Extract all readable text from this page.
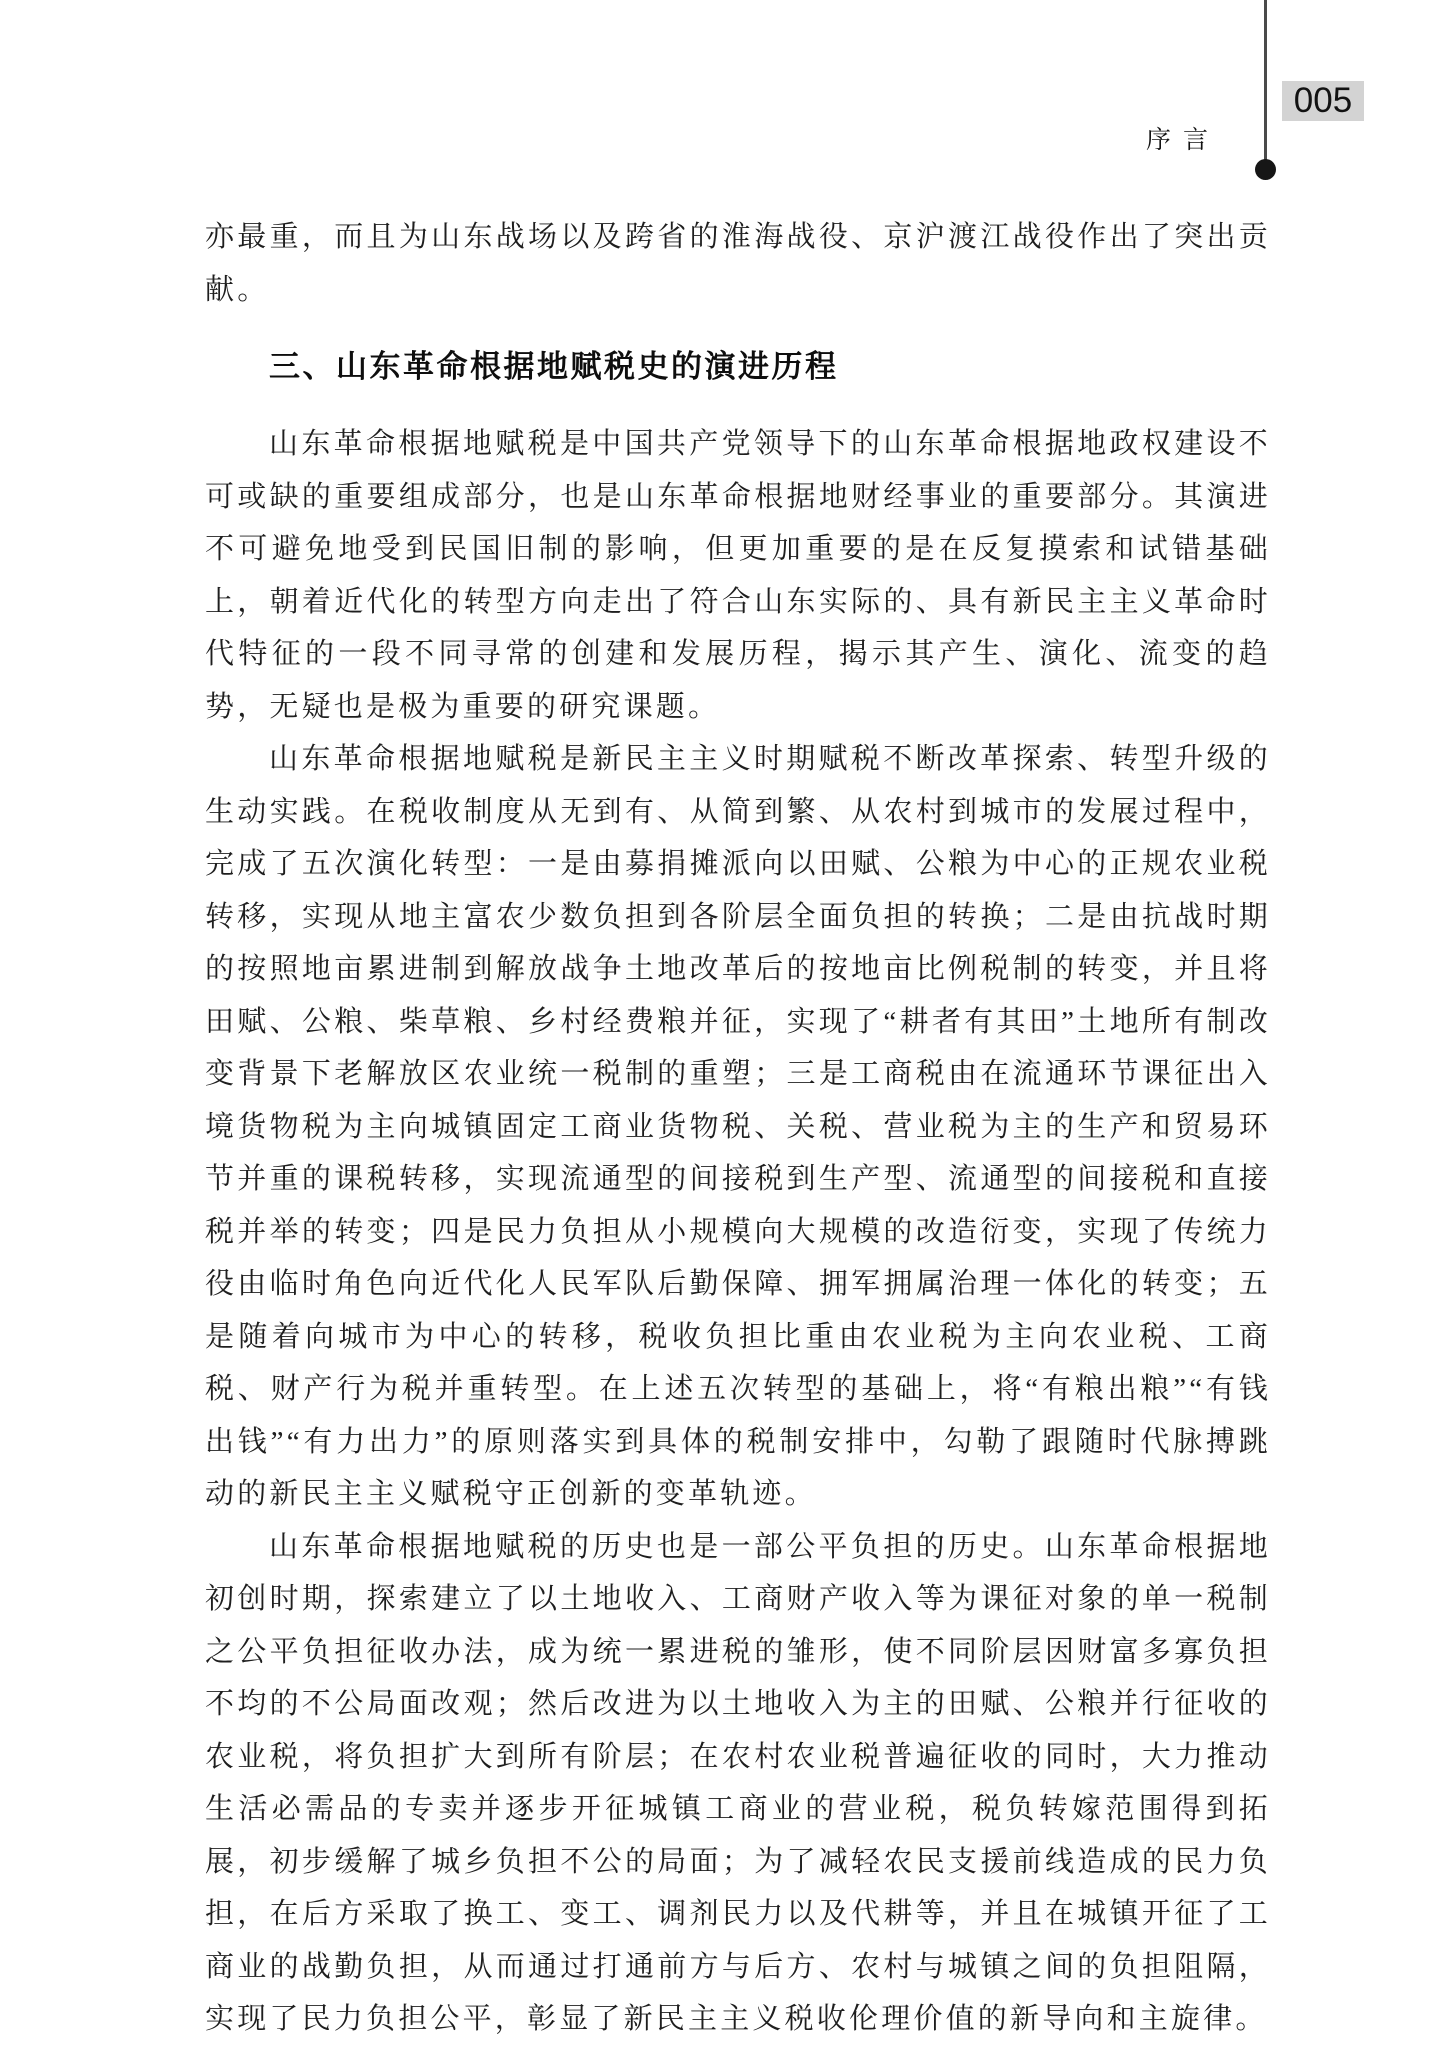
005
序言

亦最重，而且为山东战场以及跨省的淮海战役、京沪渡江战役作出了突出贡献。

三、山东革命根据地赋税史的演进历程

山东革命根据地赋税是中国共产党领导下的山东革命根据地政权建设不可或缺的重要组成部分，也是山东革命根据地财经事业的重要部分。其演进不可避免地受到民国旧制的影响，但更加重要的是在反复摸索和试错基础上，朝着近代化的转型方向走出了符合山东实际的、具有新民主主义革命时代特征的一段不同寻常的创建和发展历程，揭示其产生、演化、流变的趋势，无疑也是极为重要的研究课题。

山东革命根据地赋税是新民主主义时期赋税不断改革探索、转型升级的生动实践。在税收制度从无到有、从简到繁、从农村到城市的发展过程中，完成了五次演化转型：一是由募捐摊派向以田赋、公粮为中心的正规农业税转移，实现从地主富农少数负担到各阶层全面负担的转换；二是由抗战时期的按照地亩累进制到解放战争土地改革后的按地亩比例税制的转变，并且将田赋、公粮、柴草粮、乡村经费粮并征，实现了“耕者有其田”土地所有制改变背景下老解放区农业统一税制的重塑；三是工商税由在流通环节课征出入境货物税为主向城镇固定工商业货物税、关税、营业税为主的生产和贸易环节并重的课税转移，实现流通型的间接税到生产型、流通型的间接税和直接税并举的转变；四是民力负担从小规模向大规模的改造衍变，实现了传统力役由临时角色向近代化人民军队后勤保障、拥军拥属治理一体化的转变；五是随着向城市为中心的转移，税收负担比重由农业税为主向农业税、工商税、财产行为税并重转型。在上述五次转型的基础上，将“有粮出粮”“有钱出钱”“有力出力”的原则落实到具体的税制安排中，勾勒了跟随时代脉搏跳动的新民主主义赋税守正创新的变革轨迹。

山东革命根据地赋税的历史也是一部公平负担的历史。山东革命根据地初创时期，探索建立了以土地收入、工商财产收入等为课征对象的单一税制之公平负担征收办法，成为统一累进税的雏形，使不同阶层因财富多寡负担不均的不公局面改观；然后改进为以土地收入为主的田赋、公粮并行征收的农业税，将负担扩大到所有阶层；在农村农业税普遍征收的同时，大力推动生活必需品的专卖并逐步开征城镇工商业的营业税，税负转嫁范围得到拓展，初步缓解了城乡负担不公的局面；为了减轻农民支援前线造成的民力负担，在后方采取了换工、变工、调剂民力以及代耕等，并且在城镇开征了工商业的战勤负担，从而通过打通前方与后方、农村与城镇之间的负担阻隔，实现了民力负担公平，彰显了新民主主义税收伦理价值的新导向和主旋律。
